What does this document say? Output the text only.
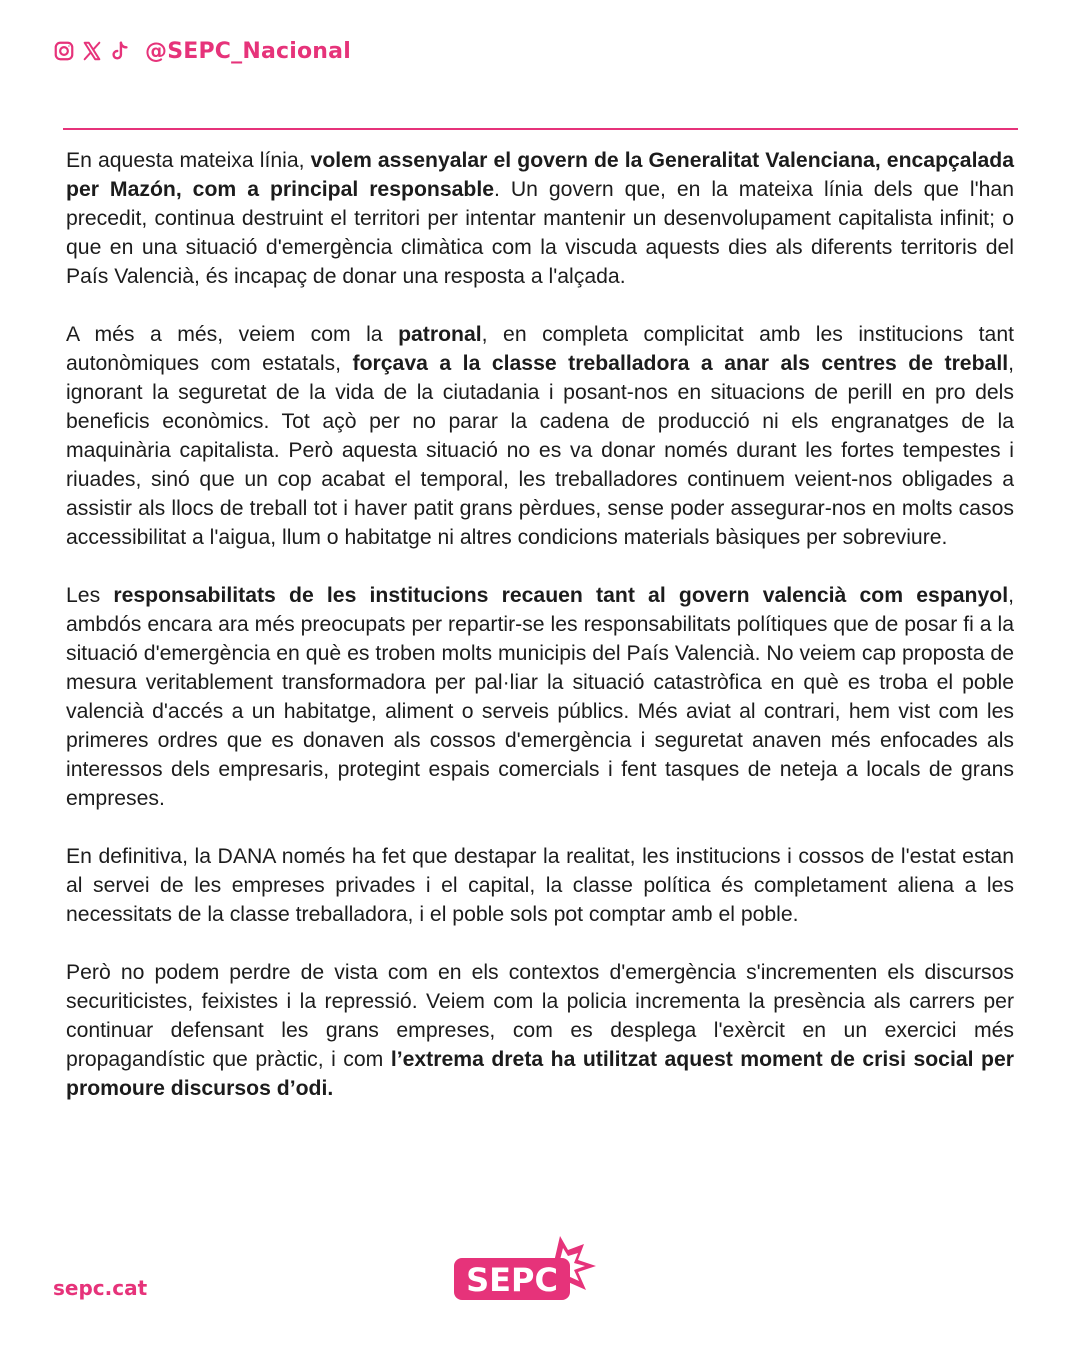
@SEPC_Nacional

En aquesta mateixa línia, volem assenyalar el govern de la Generalitat Valenciana, encapçalada per Mazón, com a principal responsable. Un govern que, en la mateixa línia dels que l'han precedit, continua destruint el territori per intentar mantenir un desenvolupament capitalista infinit; o que en una situació d'emergència climàtica com la viscuda aquests dies als diferents territoris del País Valencià, és incapaç de donar una resposta a l'alçada.

A més a més, veiem com la patronal, en completa complicitat amb les institucions tant autonòmiques com estatals, forçava a la classe treballadora a anar als centres de treball, ignorant la seguretat de la vida de la ciutadania i posant-nos en situacions de perill en pro dels beneficis econòmics. Tot açò per no parar la cadena de producció ni els engranatges de la maquinària capitalista. Però aquesta situació no es va donar només durant les fortes tempestes i riuades, sinó que un cop acabat el temporal, les treballadores continuem veient-nos obligades a assistir als llocs de treball tot i haver patit grans pèrdues, sense poder assegurar-nos en molts casos accessibilitat a l'aigua, llum o habitatge ni altres condicions materials bàsiques per sobreviure.

Les responsabilitats de les institucions recauen tant al govern valencià com espanyol, ambdós encara ara més preocupats per repartir-se les responsabilitats polítiques que de posar fi a la situació d'emergència en què es troben molts municipis del País Valencià. No veiem cap proposta de mesura veritablement transformadora per pal·liar la situació catastròfica en què es troba el poble valencià d'accés a un habitatge, aliment o serveis públics. Més aviat al contrari, hem vist com les primeres ordres que es donaven als cossos d'emergència i seguretat anaven més enfocades als interessos dels empresaris, protegint espais comercials i fent tasques de neteja a locals de grans empreses.

En definitiva, la DANA només ha fet que destapar la realitat, les institucions i cossos de l'estat estan al servei de les empreses privades i el capital, la classe política és completament aliena a les necessitats de la classe treballadora, i el poble sols pot comptar amb el poble.

Però no podem perdre de vista com en els contextos d'emergència s'incrementen els discursos securiticistes, feixistes i la repressió. Veiem com la policia incrementa la presència als carrers per continuar defensant les grans empreses, com es desplega l'exèrcit en un exercici més propagandístic que pràctic, i com l’extrema dreta ha utilitzat aquest moment de crisi social per promoure discursos d’odi.

sepc.cat	SEPC
